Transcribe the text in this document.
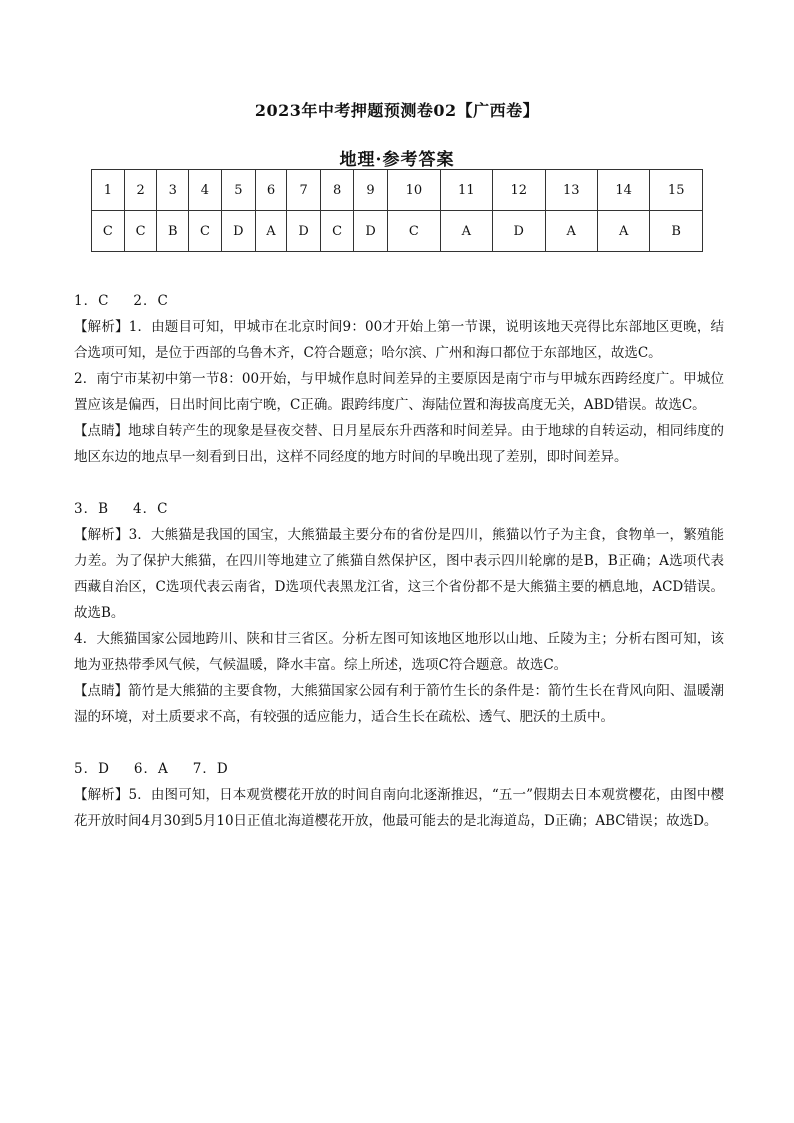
2023年中考押题预测卷02【广西卷】
地理·参考答案
1	2	3	4	5	6	7	8	9	10	11	12	13	14	15
C	C	B	C	D	A	D	C	D	C	A	D	A	A	B

1．C 2．C

【解析】1．由题目可知，甲城市在北京时间9：00才开始上第一节课，说明该地天亮得比东部地区更晚，结合选项可知，是位于西部的乌鲁木齐，C符合题意；哈尔滨、广州和海口都位于东部地区，故选C。

2．南宁市某初中第一节8：00开始，与甲城作息时间差异的主要原因是南宁市与甲城东西跨经度广。甲城位置应该是偏西，日出时间比南宁晚，C正确。跟跨纬度广、海陆位置和海拔高度无关，ABD错误。故选C。

【点睛】地球自转产生的现象是昼夜交替、日月星辰东升西落和时间差异。由于地球的自转运动，相同纬度的地区东边的地点早一刻看到日出，这样不同经度的地方时间的早晚出现了差别，即时间差异。

3．B 4．C

【解析】3．大熊猫是我国的国宝，大熊猫最主要分布的省份是四川，熊猫以竹子为主食，食物单一，繁殖能力差。为了保护大熊猫，在四川等地建立了熊猫自然保护区，图中表示四川轮廓的是B，B正确；A选项代表西藏自治区，C选项代表云南省，D选项代表黑龙江省，这三个省份都不是大熊猫主要的栖息地，ACD错误。故选B。

4．大熊猫国家公园地跨川、陕和甘三省区。分析左图可知该地区地形以山地、丘陵为主；分析右图可知，该地为亚热带季风气候，气候温暖，降水丰富。综上所述，选项C符合题意。故选C。

【点睛】箭竹是大熊猫的主要食物，大熊猫国家公园有利于箭竹生长的条件是：箭竹生长在背风向阳、温暖潮湿的环境，对土质要求不高，有较强的适应能力，适合生长在疏松、透气、肥沃的土质中。

5．D 6．A 7．D

【解析】5．由图可知，日本观赏樱花开放的时间自南向北逐渐推迟，“五一”假期去日本观赏樱花，由图中樱花开放时间4月30到5月10日正值北海道樱花开放，他最可能去的是北海道岛，D正确；ABC错误；故选D。
